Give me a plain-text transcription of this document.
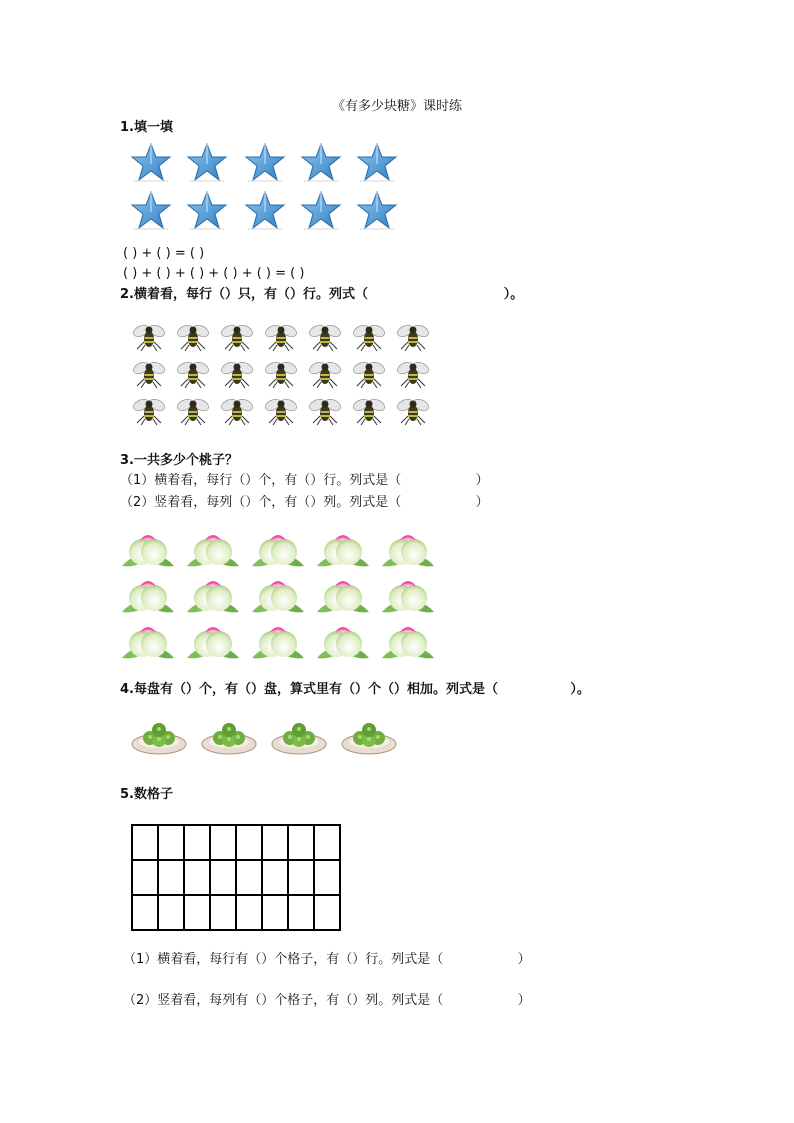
《有多少块糖》课时练
1.填一填
( ) + ( ) = ( )
( ) + ( ) + ( ) + ( ) + ( ) = ( )
2.横着看，每行（）只，有（）行。列式（                              ）。
3.一共多少个桃子？
（1）横着看，每行（）个，有（）行。列式是（                  ）
（2）竖着看，每列（）个，有（）列。列式是（                  ）
4.每盘有（）个，有（）盘，算式里有（）个（）相加。列式是（                ）。
5.数格子

（1）横着看，每行有（）个格子，有（）行。列式是（                  ）
（2）竖着看，每列有（）个格子，有（）列。列式是（                  ）
